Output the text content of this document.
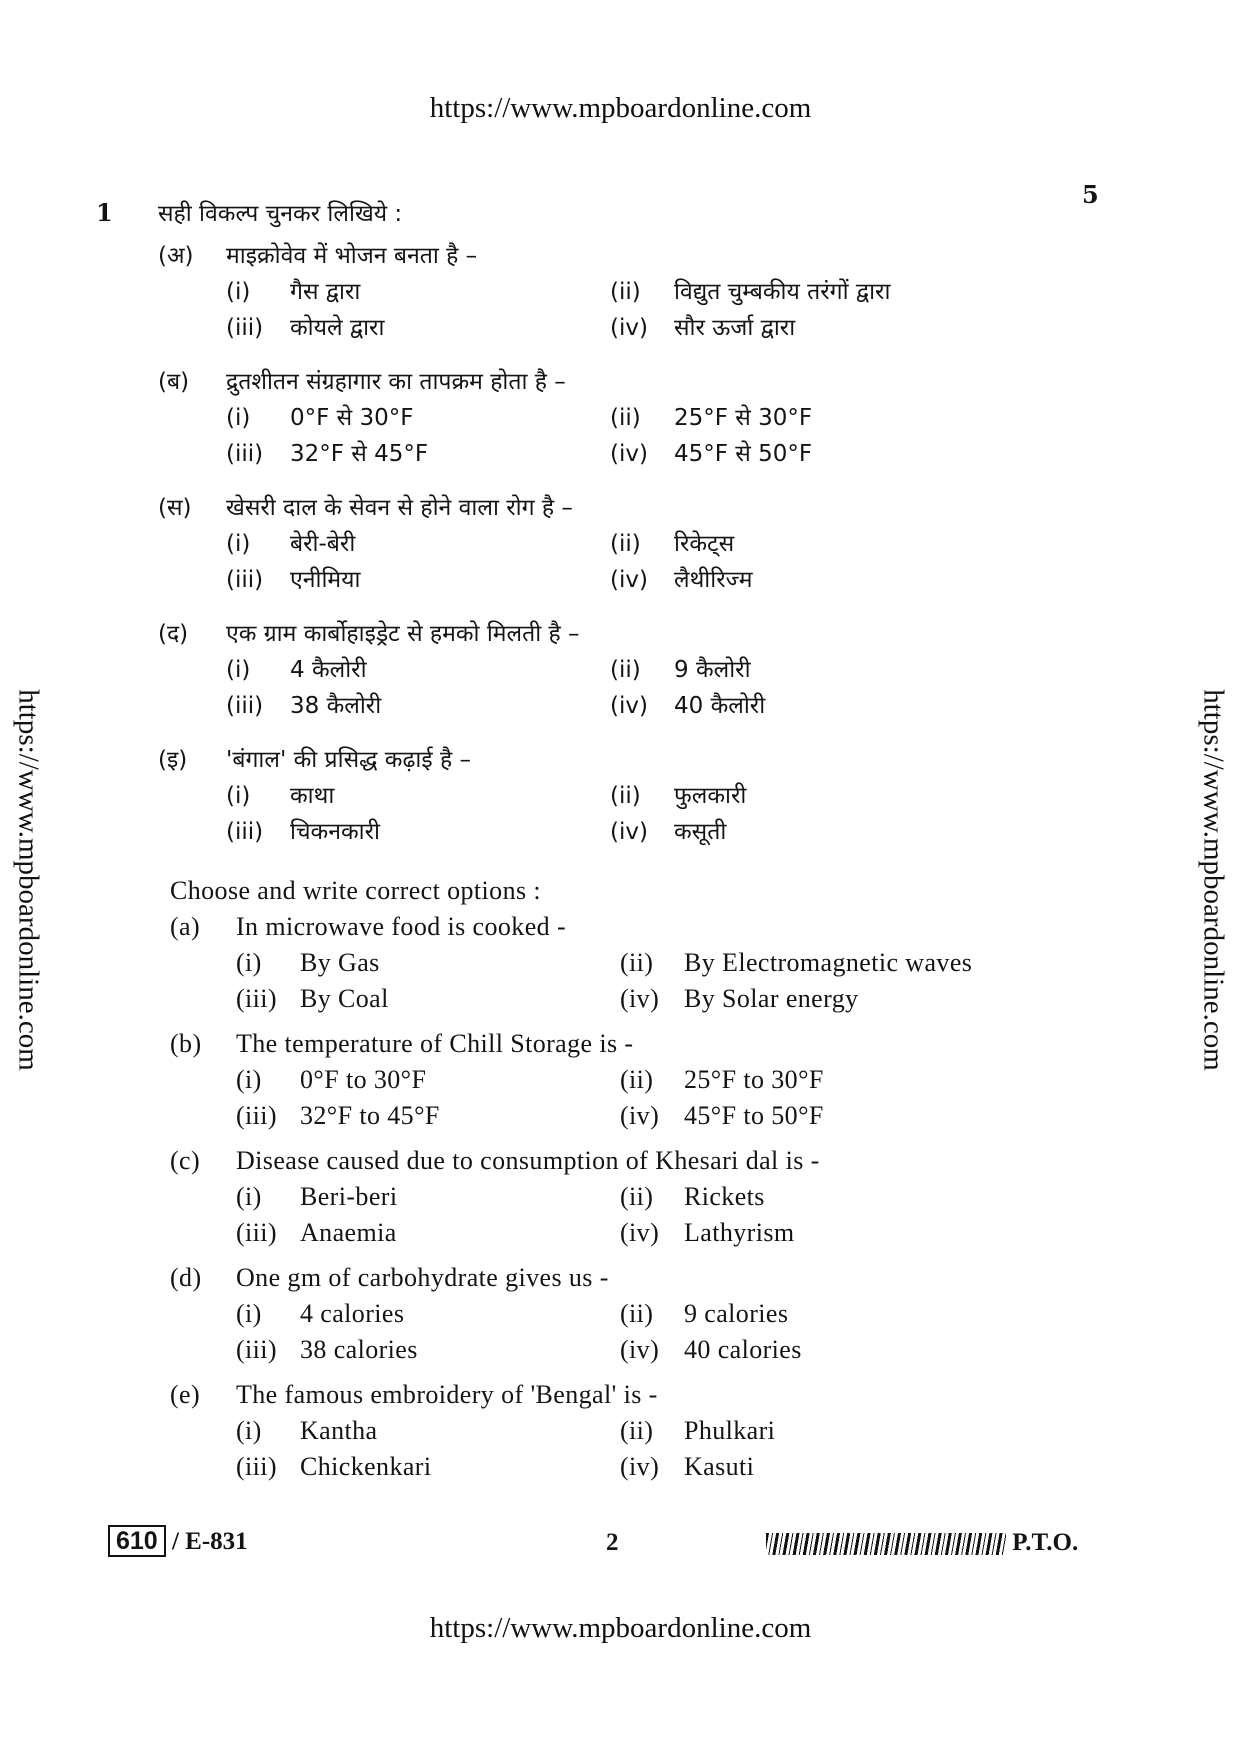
https://www.mpboardonline.com
https://www.mpboardonline.com
https://www.mpboardonline.com	https://www.mpboardonline.com
1
5
सही विकल्प चुनकर लिखिये :
(अ) माइक्रोवेव में भोजन बनता है –
(i) गैस द्वारा	(ii) विद्युत चुम्बकीय तरंगों द्वारा
(iii) कोयले द्वारा	(iv) सौर ऊर्जा द्वारा
(ब) द्रुतशीतन संग्रहागार का तापक्रम होता है –
(i) 0°F से 30°F	(ii) 25°F से 30°F
(iii) 32°F से 45°F	(iv) 45°F से 50°F
(स) खेसरी दाल के सेवन से होने वाला रोग है –
(i) बेरी-बेरी	(ii) रिकेट्स
(iii) एनीमिया	(iv) लैथीरिज्म
(द) एक ग्राम कार्बोहाइड्रेट से हमको मिलती है –
(i) 4 कैलोरी	(ii) 9 कैलोरी
(iii) 38 कैलोरी	(iv) 40 कैलोरी
(इ) 'बंगाल' की प्रसिद्ध कढ़ाई है –
(i) काथा	(ii) फुलकारी
(iii) चिकनकारी	(iv) कसूती
Choose and write correct options :
(a) In microwave food is cooked -
(i) By Gas	(ii) By Electromagnetic waves
(iii) By Coal	(iv) By Solar energy
(b) The temperature of Chill Storage is -
(i) 0°F to 30°F	(ii) 25°F to 30°F
(iii) 32°F to 45°F	(iv) 45°F to 50°F
(c) Disease caused due to consumption of Khesari dal is -
(i) Beri-beri	(ii) Rickets
(iii) Anaemia	(iv) Lathyrism
(d) One gm of carbohydrate gives us -
(i) 4 calories	(ii) 9 calories
(iii) 38 calories	(iv) 40 calories
(e) The famous embroidery of 'Bengal' is -
(i) Kantha	(ii) Phulkari
(iii) Chickenkari	(iv) Kasuti
610 / E-831	2	P.T.O.
